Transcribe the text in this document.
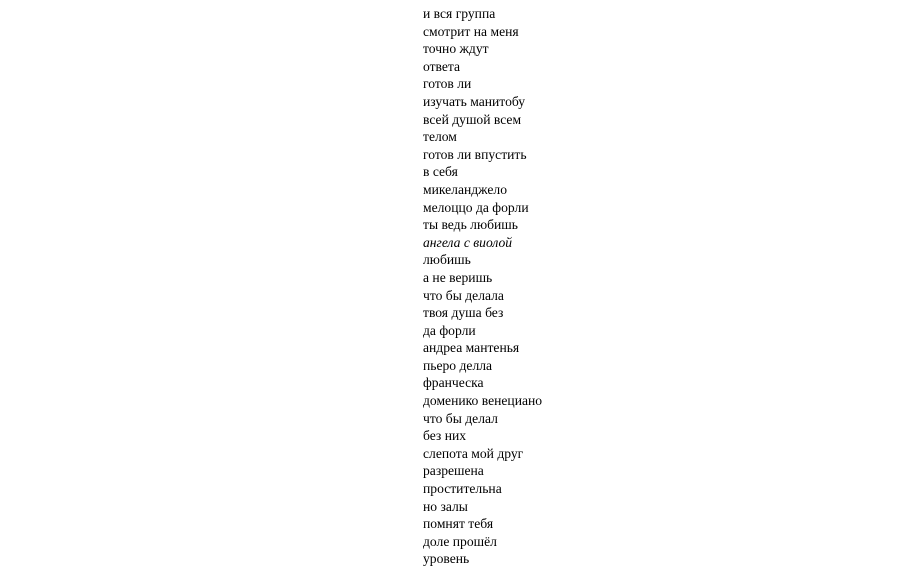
и вся группа
смотрит на меня
точно ждут
ответа
готов ли
изучать манитобу
всей душой всем
телом
готов ли впустить
в себя
микеланджело
мелоццо да форли
ты ведь любишь
ангела с виолой
любишь
а не веришь
что бы делала
твоя душа без
да форли
андреа мантенья
пьеро делла
франческа
доменико венециано
что бы делал
без них
слепота мой друг
разрешена
простительна
но залы
помнят тебя
доле прошёл
уровень
